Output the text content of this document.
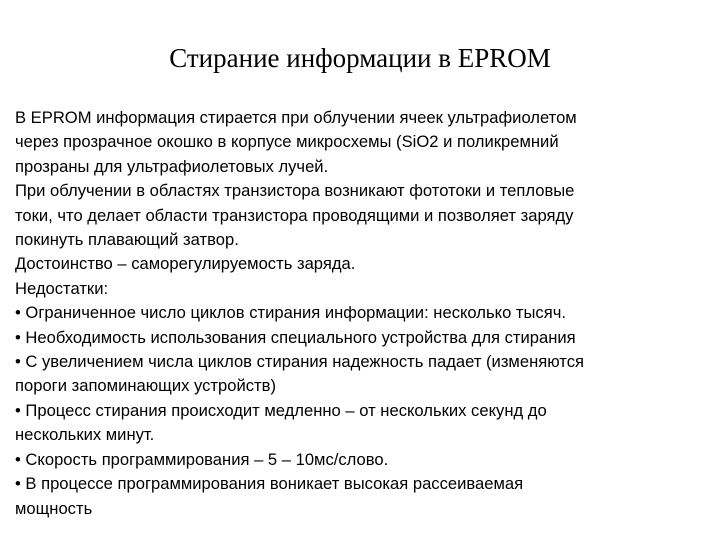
Стирание информации в EPROM

В EPROM информация стирается при облучении ячеек ультрафиолетом
через прозрачное окошко в корпусе микросхемы (SiO2 и поликремний
прозраны для ультрафиолетовых лучей.

При облучении в областях транзистора возникают фототоки и тепловые
токи, что делает области транзистора проводящими и позволяет заряду
покинуть плавающий затвор.

Достоинство – саморегулируемость заряда.

Недостатки:

• Ограниченное число циклов стирания информации: несколько тысяч.

• Необходимость использования специального устройства для стирания

• С увеличением числа циклов стирания надежность падает (изменяются
пороги запоминающих устройств)

• Процесс стирания происходит медленно – от нескольких секунд до
нескольких минут.

• Скорость программирования – 5 – 10мс/слово.

• В процессе программирования воникает высокая рассеиваемая
мощность
